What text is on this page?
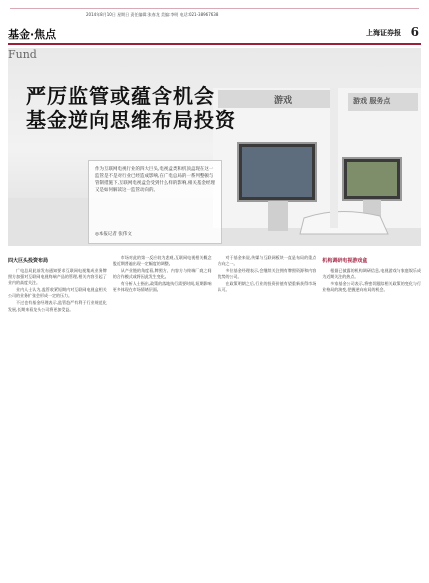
2014年8月10日 星期日 责任编辑:张春龙 美编:李明 电话:021-38967638
基金·焦点	上海证券报 6
游戏	游戏 服务点
Fund
严厉监管或蕴含机会
基金逆向思维布局投资
作为互联网电视行业的四大巨头,电视盒类和机顶盒现在这一监管是不是对行业已经造成影响,在广电总局的一系列整顿与管制措施下,互联网电视盒会受到什么样的影响,相关基金经理又是如何解读这一监管动向的。
◎本报记者 张伟文
四大巨头投资布局

广电总局此前发布通知要求互联网电视集成业务牌照方加强对互联网电视终端产品的管理,相关内容引起了业内的高度关注。

业内人士认为,监管收紧短期内对互联网电视盒相关公司的业务扩张会形成一定的压力。

不过也有基金经理表示,监管趋严有利于行业规范化发展,长期来看龙头公司将更加受益。

市场对此的第一反应较为悲观,互联网电视相关概念股近期普遍出现一定幅度的调整。

从产业链的角度看,牌照方、内容方与终端厂商之间的合作模式或将因此发生变化。

有分析人士指出,政策的落地执行需要时间,短期影响更多体现在市场情绪层面。

对于基金来说,传媒与互联网板块一直是布局的重点方向之一。

多位基金经理表示,会继续关注拥有牌照资源和内容优势的公司。

在政策明朗之后,行业的投资价值有望重新获得市场认可。

机构调研电视游戏盒

根据已披露的机构调研信息,电视游戏与家庭娱乐成为近期关注的热点。

多家基金公司表示,将密切跟踪相关政策的变化与行业格局的演变,把握逆向布局的机会。
